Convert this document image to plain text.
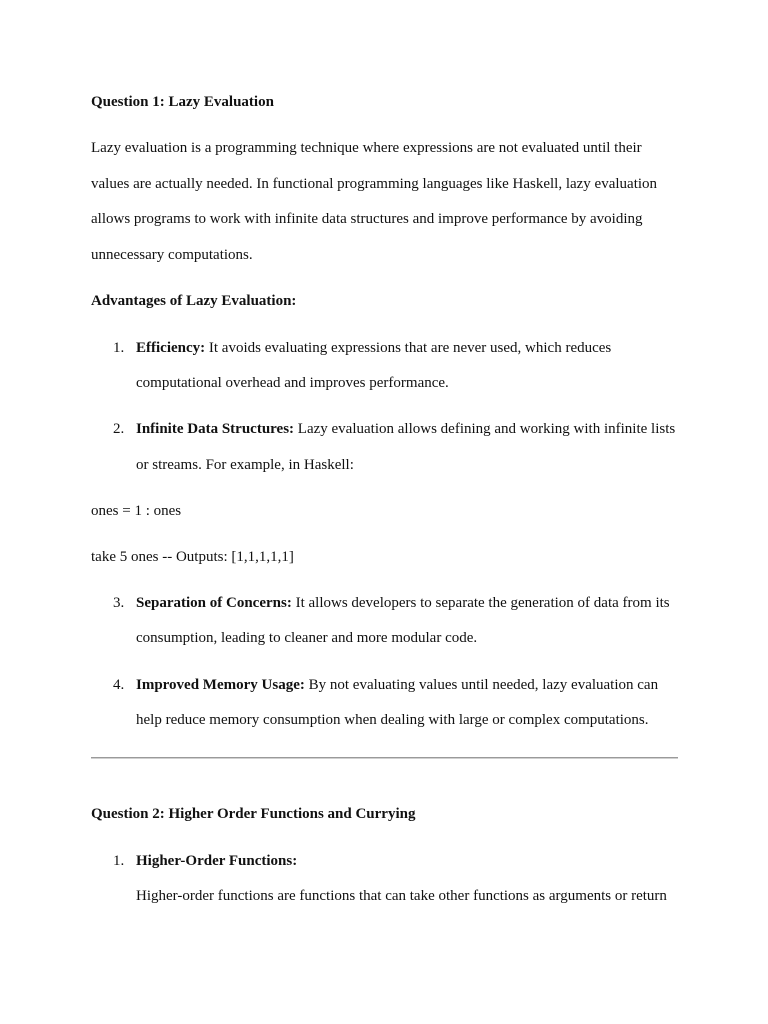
Question 1: Lazy Evaluation
Lazy evaluation is a programming technique where expressions are not evaluated until their
values are actually needed. In functional programming languages like Haskell, lazy evaluation
allows programs to work with infinite data structures and improve performance by avoiding
unnecessary computations.
Advantages of Lazy Evaluation:
1. Efficiency: It avoids evaluating expressions that are never used, which reduces
computational overhead and improves performance.
2. Infinite Data Structures: Lazy evaluation allows defining and working with infinite lists
or streams. For example, in Haskell:
ones = 1 : ones
take 5 ones -- Outputs: [1,1,1,1,1]
3. Separation of Concerns: It allows developers to separate the generation of data from its
consumption, leading to cleaner and more modular code.
4. Improved Memory Usage: By not evaluating values until needed, lazy evaluation can
help reduce memory consumption when dealing with large or complex computations.
Question 2: Higher Order Functions and Currying
1. Higher-Order Functions:
Higher-order functions are functions that can take other functions as arguments or return
